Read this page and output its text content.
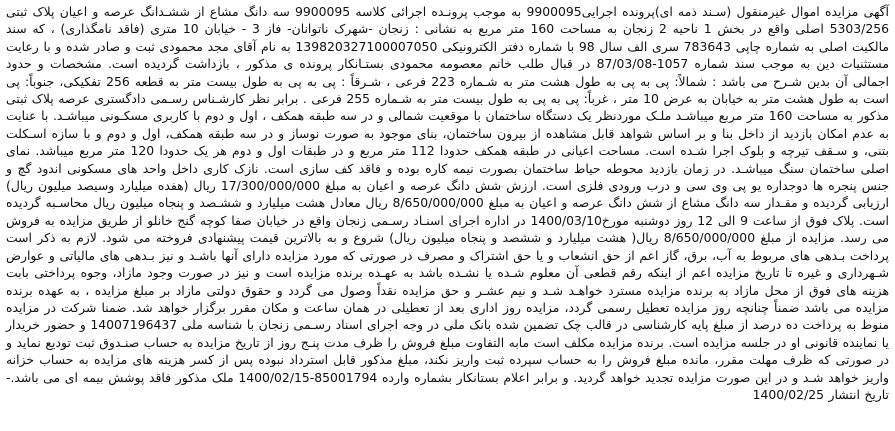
آگهی مزایده اموال غیرمنقول (سـند ذمه ای)پرونده اجرایی9900095 به موجب پرونـده اجرائی کلاسه 9900095 سه دانگ مشاع از ششـدانگ عرصه و اعیان پلاک ثبتی 5303/256 اصلی واقع در بخش 1 ناحیه 2 زنجان به مساحت 160 متر مربع به نشانی : زنجان -شهرک ناتوانان- فاز 3 - خیابان 10 متری (فاقد نامگذاری) ، که سند مالکیت اصلی به شماره چاپی 783643 سری الف سال 98 با شماره دفتر الکترونیکی 139820327100007050 به نام آقای مجد محمودی ثبت و صادر شده و با رعایت مستثنیات دین به موجب سند شماره 1057-87/03/08 در قبال طلب خانم معصومه محمودی بستـانکار پرونده ی مذکور ، بازداشت گردیده است. مشخصات و حدود اجمالی آن بدین شـرح می باشد : شمالاً: پی به پی به طول هشت متر به شـماره 223 فرعی ، شـرقاً : پی به پی به طول بیست متر به قطعه 256 تفکیکی، جنوباً: پی است به طول هشت متر به خیابان به عرض 10 متر ، غرباً: پی به پی به طول بیست متر به شـماره 255 فرعی . برابر نظر کارشـناس رسـمی دادگستری عرصه پلاک ثبتی مذکور به مساحت 160 متر مربع میباشـد ملـک موردنظر یک دستگاه ساختمان با موقعیت شمالی و در سه طبقه همکف ، اول و دوم با کاربری مسکـونی میباشـد. با عنایت به عدم امکان بازدید از داخل بنا و بر اساس شواهد قابل مشاهده از بیرون ساختمان، بنای موجود به صورت نوساز و در سه طبقه همکف، اول و دوم و با سازه اسـکلت بتنی، و سـقف تیرچه و بلوک اجرا شـده است. مساحت اعیانی در طبقه همکف حدودا 112 متر مربع و در طبقات اول و دوم هر یک حدودا 120 متر مربع میباشد. نمای اصلی ساختمان سنگ میباشـد. در زمان بازدید محوطه حیاط ساختمان بصورت نیمه کاره بوده و فاقد کف سازی است. نازک کاری داخل واحد های مسکونی اندود گچ و جنس پنجره ها دوجداره یو پی وی سی و درب ورودی فلزی است. ارزش شش دانگ عرصه و اعیان به مبلغ 17/300/000/000 ریال (هفده میلیارد وسیصد میلیون ریال) ارزیابی گردیده و مقـدار سه دانگ مشاع از شش دانگ عرصه و اعیان به مبلغ 8/650/000/000 ریال معادل هشت میلیارد و ششـصد و پنجاه میلیون ریال محاسـبه گردیده است. پلاک فوق از ساعت 9 الی 12 روز دوشنبه مورخ1400/03/10 در اداره اجرای اسنـاد رسـمی زنجان واقع در خیابان صفا کوچه گنج خانلو از طریق مزایده به فروش می رسد. مزایده از مبلغ 8/650/000/000 ریال( هشت میلیارد و ششصد و پنجاه میلیون ریال) شروع و به بالاترین قیمت پیشنهادی فروخته می شود. لازم به ذکر است پرداخت بـدهی های مربوط به آب، برق، گاز اعم از حق انشعاب و یا حق اشتراک و مصرف در صورتی که مورد مزایده دارای آنها باشـد و نیز بـدهی های مالیاتی و عوارض شـهرداری و غیره تا تاریخ مزایده اعم از اینکه رقم قطعی آن معلوم شـده یا نشـده باشد به عهـده برنده مزایده است و نیز در صورت وجود مازاد، وجوه پرداختی بابت هزینه های فوق از محل مازاد به برنده مزایده مسترد خواهـد شـد و نیم عشـر و حق مزایده نقداً وصول می گردد و حقوق دولتی مازاد بر مبلغ مزایده ، به عهده برنده مزایده می باشد ضمناً چنانچه روز مزایده تعطیل رسمی گردد، مزایده روز اداری بعد از تعطیلی در همان ساعت و مکان مقرر برگزار خواهد شد. ضمنا شرکت در مزایده منوط به پرداخت ده درصد از مبلغ پایه کارشناسی در قالب چک تضمین شده بانک ملی در وجه اجرای اسناد رسـمی زنجان با شناسه ملی 14007196437 و حضور خریدار یا نماینده قانونی او در جلسه مزایده است. برنده مزایده مکلف است مابه التفاوت مبلغ فروش را ظرف مدت پنـج روز از تاریخ مزایده به حساب صنـدوق ثبت تودیع نماید و در صورتی که ظرف مهلت مقرر، مانده مبلغ فروش را به حساب سپرده ثبت واریز نکند، مبلغ مذکور قابل استرداد نبوده پس از کسر هزینه های مزایده به حساب خزانه واریز خواهد شـد و در این صورت مزایده تجدید خواهد گردید. و برابر اعلام بستانکار بشماره وارده 85001794-1400/02/15 ملک مذکور فاقد پوشش بیمه ای می باشد.- تاریخ انتشار 1400/02/25
